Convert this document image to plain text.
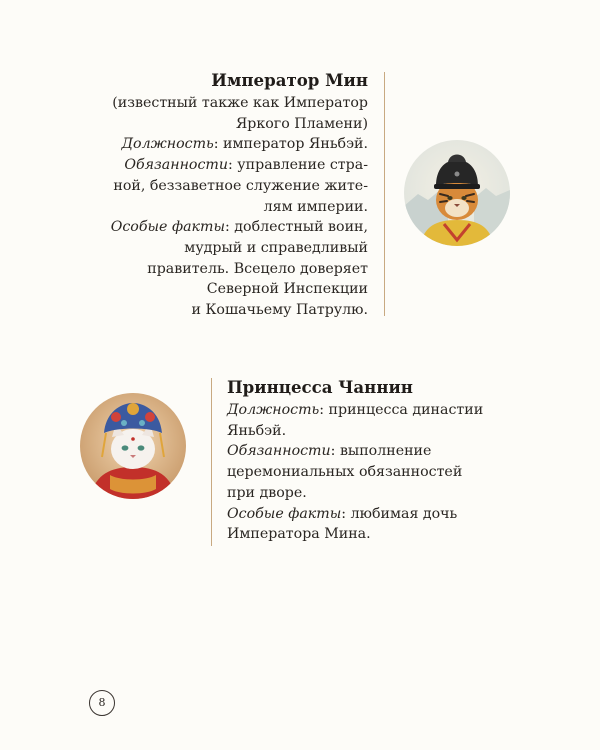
Император Мин
(известный также как Император
Яркого Пламени)
Должность: император Яньбэй.
Обязанности: управление стра-
ной, беззаветное служение жите-
лям империи.
Особые факты: доблестный воин,
мудрый и справедливый
правитель. Всецело доверяет
Северной Инспекции
и Кошачьему Патрулю.
Принцесса Чаннин
Должность: принцесса династии
Яньбэй.
Обязанности: выполнение
церемониальных обязанностей
при дворе.
Особые факты: любимая дочь
Императора Мина.
8
